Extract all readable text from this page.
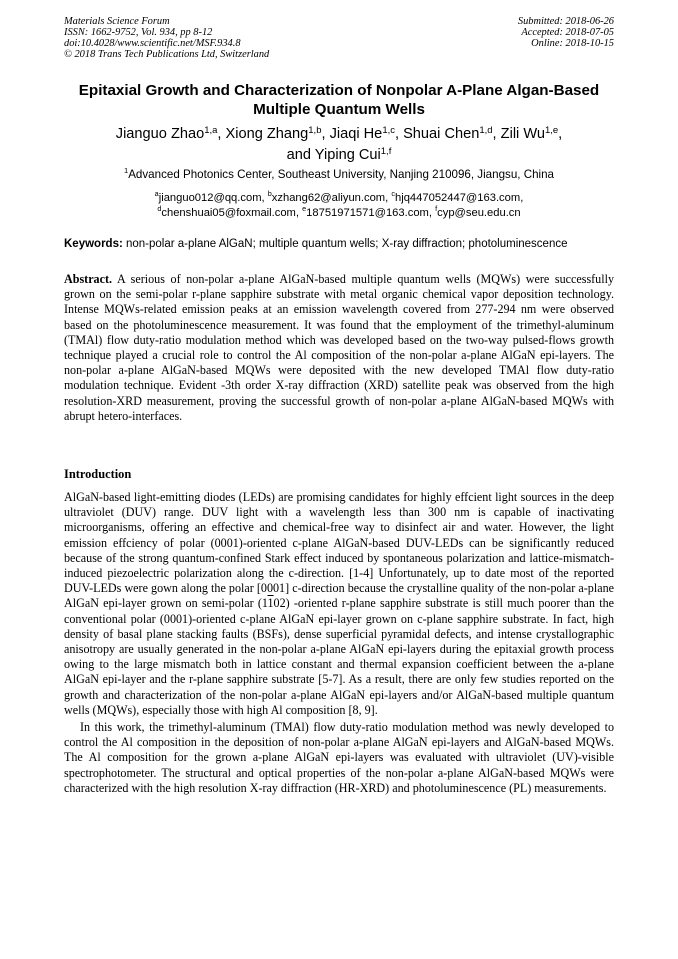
Materials Science Forum
ISSN: 1662-9752, Vol. 934, pp 8-12
doi:10.4028/www.scientific.net/MSF.934.8
© 2018 Trans Tech Publications Ltd, Switzerland
Submitted: 2018-06-26
Accepted: 2018-07-05
Online: 2018-10-15
Epitaxial Growth and Characterization of Nonpolar A-Plane Algan-Based Multiple Quantum Wells
Jianguo Zhao$^{1,a}$, Xiong Zhang$^{1,b}$, Jiaqi He$^{1,c}$, Shuai Chen$^{1,d}$, Zili Wu$^{1,e}$,
and Yiping Cui$^{1,f}$
$^1$Advanced Photonics Center, Southeast University, Nanjing 210096, Jiangsu, China
$^a$jianguo012@qq.com, $^b$xzhang62@aliyun.com, $^c$hjq447052447@163.com,
$^d$chenshuai05@foxmail.com, $^e$18751971571@163.com, $^f$cyp@seu.edu.cn
Keywords: non-polar a-plane AlGaN; multiple quantum wells; X-ray diffraction; photoluminescence

Abstract. A serious of non-polar a-plane AlGaN-based multiple quantum wells (MQWs) were successfully grown on the semi-polar r-plane sapphire substrate with metal organic chemical vapor deposition technology. Intense MQWs-related emission peaks at an emission wavelength covered from 277-294 nm were observed based on the photoluminescence measurement. It was found that the employment of the trimethyl-aluminum (TMAl) flow duty-ratio modulation method which was developed based on the two-way pulsed-flows growth technique played a crucial role to control the Al composition of the non-polar a-plane AlGaN epi-layers. The non-polar a-plane AlGaN-based MQWs were deposited with the new developed TMAl flow duty-ratio modulation technique. Evident -3th order X-ray diffraction (XRD) satellite peak was observed from the high resolution-XRD measurement, proving the successful growth of non-polar a-plane AlGaN-based MQWs with abrupt hetero-interfaces.

Introduction

AlGaN-based light-emitting diodes (LEDs) are promising candidates for highly effcient light sources in the deep ultraviolet (DUV) range. DUV light with a wavelength less than 300 nm is capable of inactivating microorganisms, offering an effective and chemical-free way to disinfect air and water. However, the light emission effciency of polar (0001)-oriented c-plane AlGaN-based DUV-LEDs can be significantly reduced because of the strong quantum-confined Stark effect induced by spontaneous polarization and lattice-mismatch-induced piezoelectric polarization along the c-direction. [1-4] Unfortunately, up to date most of the reported DUV-LEDs were gown along the polar [0001] c-direction because the crystalline quality of the non-polar a-plane AlGaN epi-layer grown on semi-polar (1102) -oriented r-plane sapphire substrate is still much poorer than the conventional polar (0001)-oriented c-plane AlGaN epi-layer grown on c-plane sapphire substrate. In fact, high density of basal plane stacking faults (BSFs), dense superficial pyramidal defects, and intense crystallographic anisotropy are usually generated in the non-polar a-plane AlGaN epi-layers during the epitaxial growth process owing to the large mismatch both in lattice constant and thermal expansion coefficient between the a-plane AlGaN epi-layer and the r-plane sapphire substrate [5-7]. As a result, there are only few studies reported on the growth and characterization of the non-polar a-plane AlGaN epi-layers and/or AlGaN-based multiple quantum wells (MQWs), especially those with high Al composition [8, 9].

In this work, the trimethyl-aluminum (TMAl) flow duty-ratio modulation method was newly developed to control the Al composition in the deposition of non-polar a-plane AlGaN epi-layers and AlGaN-based MQWs. The Al composition for the grown a-plane AlGaN epi-layers was evaluated with ultraviolet (UV)-visible spectrophotometer. The structural and optical properties of the non-polar a-plane AlGaN-based MQWs were characterized with the high resolution X-ray diffraction (HR-XRD) and photoluminescence (PL) measurements.
